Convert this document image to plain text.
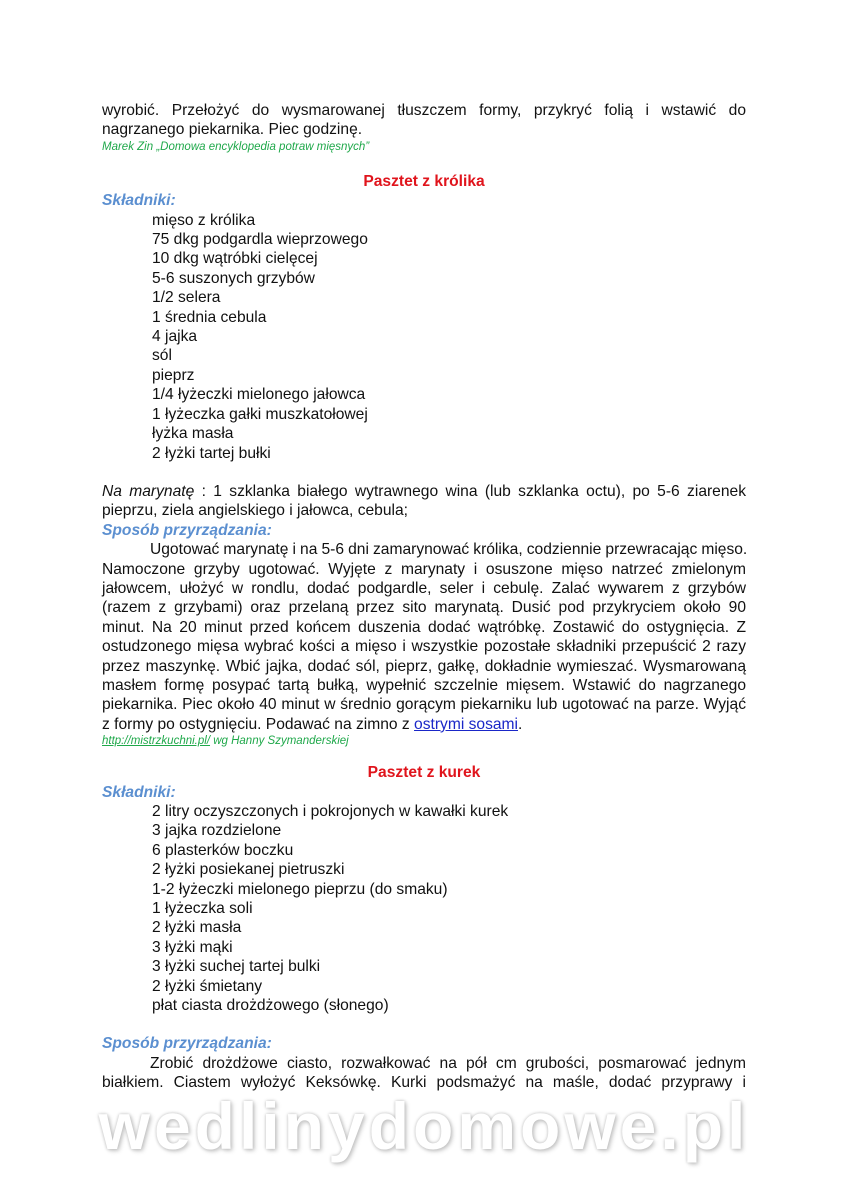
wyrobić. Przełożyć do wysmarowanej tłuszczem formy, przykryć folią i wstawić do
nagrzanego piekarnika. Piec godzinę.
Marek Zin „Domowa encyklopedia potraw mięsnych”
Pasztet z królika
Składniki:
mięso z królika
75 dkg podgardla wieprzowego
10 dkg wątróbki cielęcej
5-6 suszonych grzybów
1/2 selera
1 średnia cebula
4 jajka
sól
pieprz
1/4 łyżeczki mielonego jałowca
1 łyżeczka gałki muszkatołowej
łyżka masła
2 łyżki tartej bułki
Na marynatę : 1 szklanka białego wytrawnego wina (lub szklanka octu), po 5-6 ziarenek
pieprzu, ziela angielskiego i jałowca, cebula;
Sposób przyrządzania:
Ugotować marynatę i na 5-6 dni zamarynować królika, codziennie przewracając mięso.
Namoczone grzyby ugotować. Wyjęte z marynaty i osuszone mięso natrzeć zmielonym
jałowcem, ułożyć w rondlu, dodać podgardle, seler i cebulę. Zalać wywarem z grzybów
(razem z grzybami) oraz przelaną przez sito marynatą. Dusić pod przykryciem około 90
minut. Na 20 minut przed końcem duszenia dodać wątróbkę. Zostawić do ostygnięcia. Z
ostudzonego mięsa wybrać kości a mięso i wszystkie pozostałe składniki przepuścić 2 razy
przez maszynkę. Wbić jajka, dodać sól, pieprz, gałkę, dokładnie wymieszać. Wysmarowaną
masłem formę posypać tartą bułką, wypełnić szczelnie mięsem. Wstawić do nagrzanego
piekarnika. Piec około 40 minut w średnio gorącym piekarniku lub ugotować na parze. Wyjąć
z formy po ostygnięciu. Podawać na zimno z ostrymi sosami.
http://mistrzkuchni.pl/ wg Hanny Szymanderskiej
Pasztet z kurek
Składniki:
2 litry oczyszczonych i pokrojonych w kawałki kurek
3 jajka rozdzielone
6 plasterków boczku
2 łyżki posiekanej pietruszki
1-2 łyżeczki mielonego pieprzu (do smaku)
1 łyżeczka soli
2 łyżki masła
3 łyżki mąki
3 łyżki suchej tartej bulki
2 łyżki śmietany
płat ciasta drożdżowego (słonego)
Sposób przyrządzania:
Zrobić drożdżowe ciasto, rozwałkować na pół cm grubości, posmarować jednym
białkiem. Ciastem wyłożyć Keksówkę. Kurki podsmażyć na maśle, dodać przyprawy i
wedlinydomowe.pl
